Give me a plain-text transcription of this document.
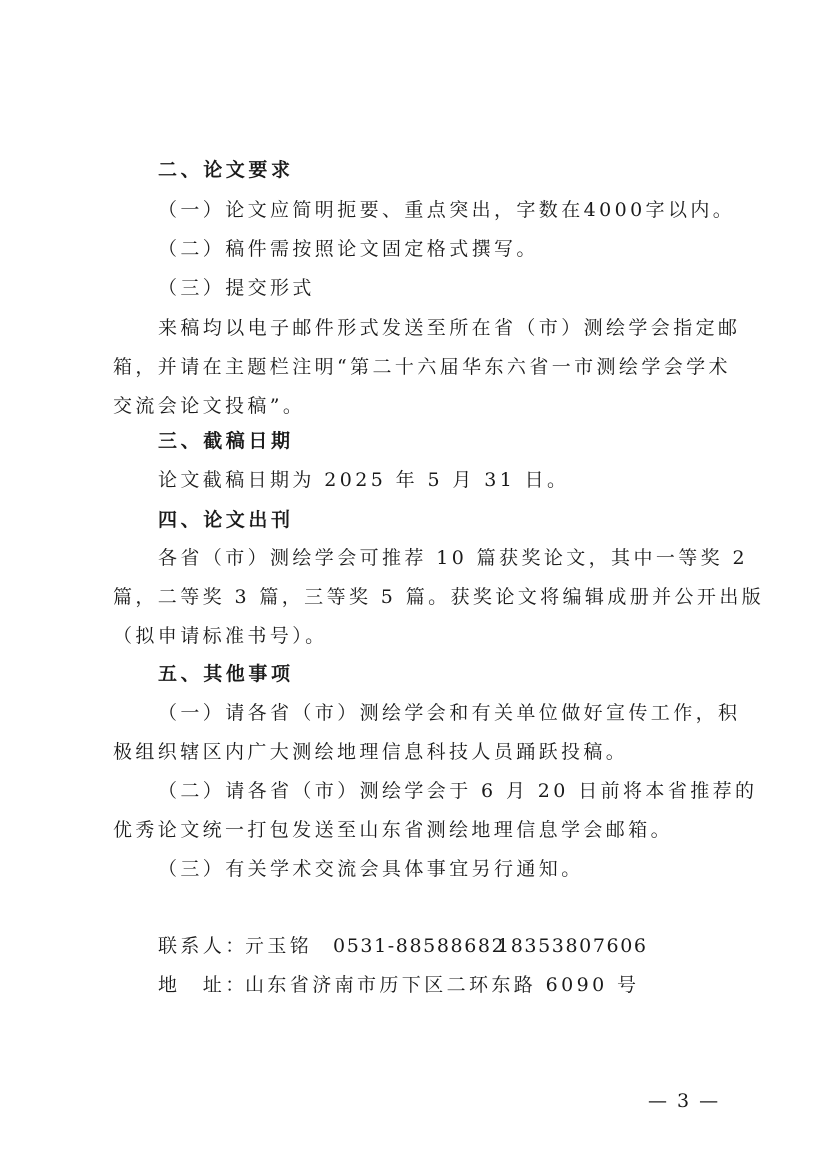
二、论文要求
（一）论文应简明扼要、重点突出，字数在4000字以内。
（二）稿件需按照论文固定格式撰写。
（三）提交形式
来稿均以电子邮件形式发送至所在省（市）测绘学会指定邮
箱，并请在主题栏注明“第二十六届华东六省一市测绘学会学术
交流会论文投稿”。
三、截稿日期
论文截稿日期为 2025 年 5 月 31 日。
四、论文出刊
各省（市）测绘学会可推荐 10 篇获奖论文，其中一等奖 2
篇，二等奖 3 篇，三等奖 5 篇。获奖论文将编辑成册并公开出版
（拟申请标准书号）。
五、其他事项
（一）请各省（市）测绘学会和有关单位做好宣传工作，积
极组织辖区内广大测绘地理信息科技人员踊跃投稿。
（二）请各省（市）测绘学会于 6 月 20 日前将本省推荐的
优秀论文统一打包发送至山东省测绘地理信息学会邮箱。
（三）有关学术交流会具体事宜另行通知。
联系人：
亓玉铭 0531-88588682
18353807606
地　址：
山东省济南市历下区二环东路 6090 号
— 3 —
